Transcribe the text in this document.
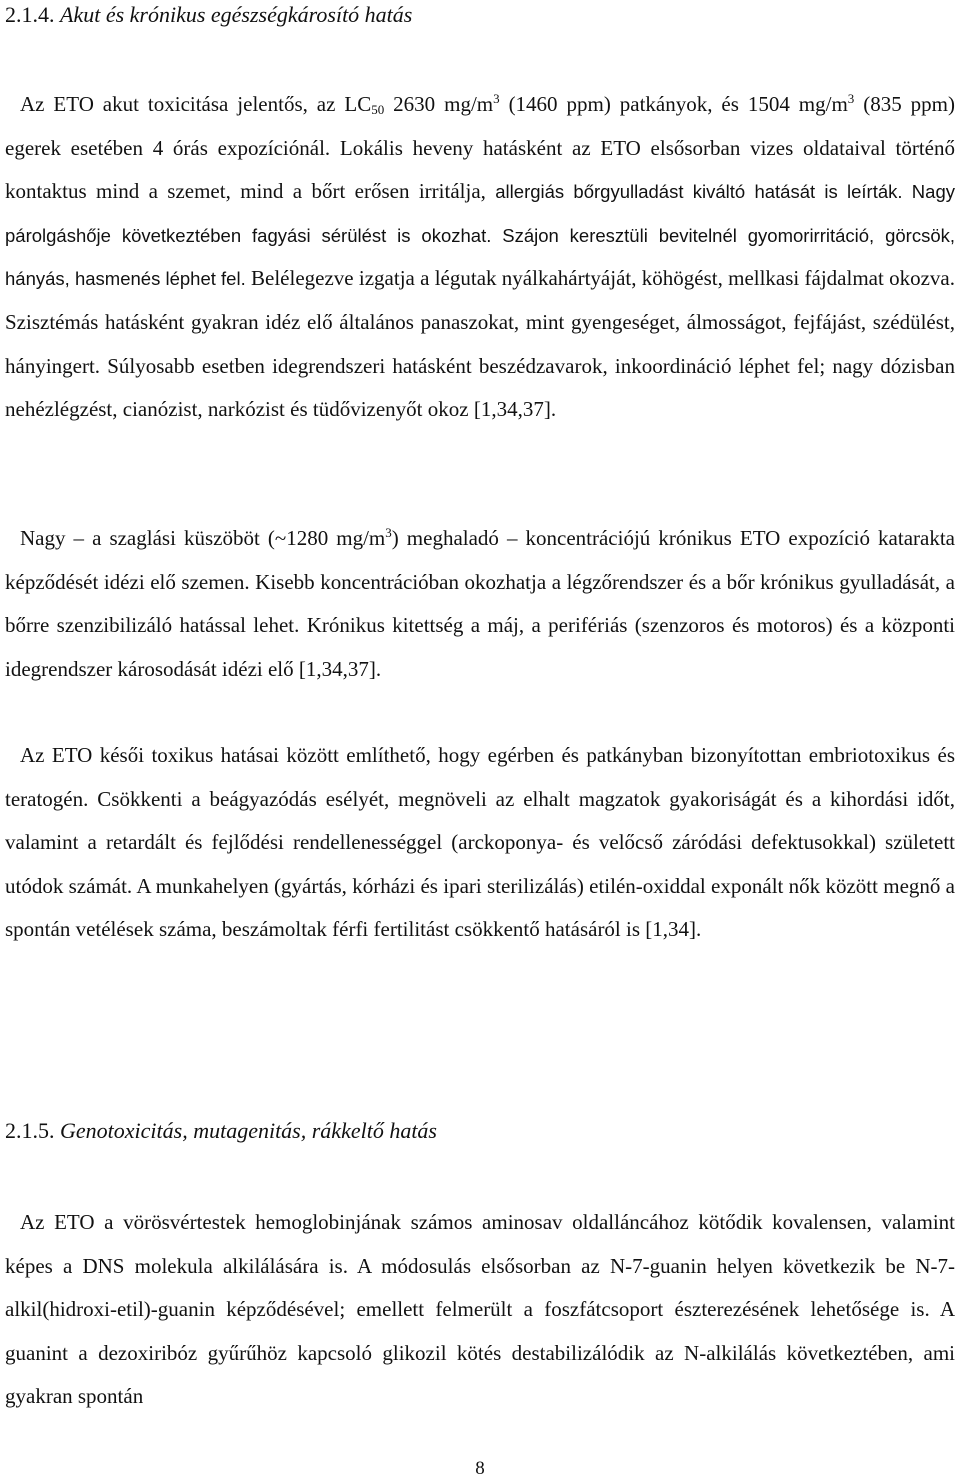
2.1.4. Akut és krónikus egészségkárosító hatás

Az ETO akut toxicitása jelentős, az $LC_{50}$ 2630 $mg/m^3$ (1460 ppm) patkányok, és 1504 $mg/m^3$ (835 ppm) egerek esetében 4 órás expozíciónál. Lokális heveny hatásként az ETO elsősorban vizes oldataival történő kontaktus mind a szemet, mind a bőrt erősen irritálja, allergiás bőrgyulladást kiváltó hatását is leírták. Nagy párolgáshője következtében fagyási sérülést is okozhat. Szájon keresztüli bevitelnél gyomorirritáció, görcsök, hányás, hasmenés léphet fel. Belélegezve izgatja a légutak nyálkahártyáját, köhögést, mellkasi fájdalmat okozva. Szisztémás hatásként gyakran idéz elő általános panaszokat, mint gyengeséget, álmosságot, fejfájást, szédülést, hányingert. Súlyosabb esetben idegrendszeri hatásként beszédzavarok, inkoordináció léphet fel; nagy dózisban nehézlégzést, cianózist, narkózist és tüdővizenyőt okoz [1,34,37].

Nagy – a szaglási küszöböt (~1280 $mg/m^3$) meghaladó – koncentrációjú krónikus ETO expozíció katarakta képződését idézi elő szemen. Kisebb koncentrációban okozhatja a légzőrendszer és a bőr krónikus gyulladását, a bőrre szenzibilizáló hatással lehet. Krónikus kitettség a máj, a perifériás (szenzoros és motoros) és a központi idegrendszer károsodását idézi elő [1,34,37].

Az ETO késői toxikus hatásai között említhető, hogy egérben és patkányban bizonyítottan embriotoxikus és teratogén. Csökkenti a beágyazódás esélyét, megnöveli az elhalt magzatok gyakoriságát és a kihordási időt, valamint a retardált és fejlődési rendellenességgel (arckoponya- és velőcső záródási defektusokkal) született utódok számát. A munkahelyen (gyártás, kórházi és ipari sterilizálás) etilén-oxiddal exponált nők között megnő a spontán vetélések száma, beszámoltak férfi fertilitást csökkentő hatásáról is [1,34].

2.1.5. Genotoxicitás, mutagenitás, rákkeltő hatás

Az ETO a vörösvértestek hemoglobinjának számos aminosav oldalláncához kötődik kovalensen, valamint képes a DNS molekula alkilálására is. A módosulás elsősorban az N-7-guanin helyen következik be N-7-alkil(hidroxi-etil)-guanin képződésével; emellett felmerült a foszfátcsoport észterezésének lehetősége is. A guanint a dezoxiribóz gyűrűhöz kapcsoló glikozil kötés destabilizálódik az N-alkilálás következtében, ami gyakran spontán

8
